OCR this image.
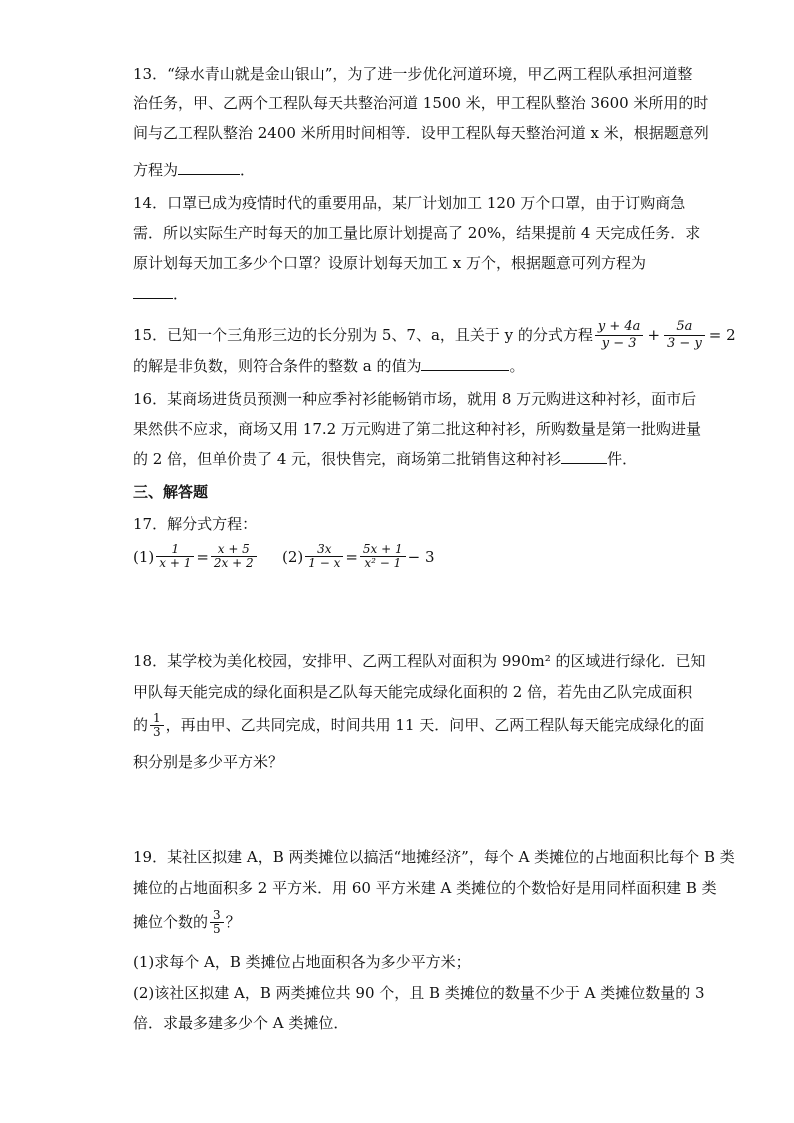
13．“绿水青山就是金山银山”，为了进一步优化河道环境，甲乙两工程队承担河道整
治任务，甲、乙两个工程队每天共整治河道 1500 米，甲工程队整治 3600 米所用的时
间与乙工程队整治 2400 米所用时间相等．设甲工程队每天整治河道 x 米，根据题意列
方程为	．
14．口罩已成为疫情时代的重要用品，某厂计划加工 120 万个口罩，由于订购商急
需．所以实际生产时每天的加工量比原计划提高了 20%，结果提前 4 天完成任务．求
原计划每天加工多少个口罩？设原计划每天加工 x 万个，根据题意可列方程为
．
15．已知一个三角形三边的长分别为 5、7、a，且关于 y 的分式方程 $\frac{y + 4a}{y - 3} + \frac{5a}{3 - y} = 2$
的解是非负数，则符合条件的整数 a 的值为	。
16．某商场进货员预测一种应季衬衫能畅销市场，就用 8 万元购进这种衬衫，面市后
果然供不应求，商场又用 17.2 万元购进了第二批这种衬衫，所购数量是第一批购进量
的 2 倍，但单价贵了 4 元，很快售完，商场第二批销售这种衬衫	件．
三、解答题
17．解分式方程：
$(1) \frac{1}{x + 1} = \frac{x + 5}{2x + 2} (2) \frac{3x}{1 - x} = \frac{5x + 1}{\text{x² − 1}} - 3$
18．某学校为美化校园，安排甲、乙两工程队对面积为 990m² 的区域进行绿化．已知
甲队每天能完成的绿化面积是乙队每天能完成绿化面积的 2 倍，若先由乙队完成面积
的 $\frac{1}{3}$ ，再由甲、乙共同完成，时间共用 11 天．问甲、乙两工程队每天能完成绿化的面
积分别是多少平方米？
19．某社区拟建 A，B 两类摊位以搞活“地摊经济”，每个 A 类摊位的占地面积比每个 B 类
摊位的占地面积多 2 平方米．用 60 平方米建 A 类摊位的个数恰好是用同样面积建 B 类
摊位个数的 $\frac{3}{5}$ ？
(1)求每个 A，B 类摊位占地面积各为多少平方米；
(2)该社区拟建 A，B 两类摊位共 90 个，且 B 类摊位的数量不少于 A 类摊位数量的 3
倍．求最多建多少个 A 类摊位．
